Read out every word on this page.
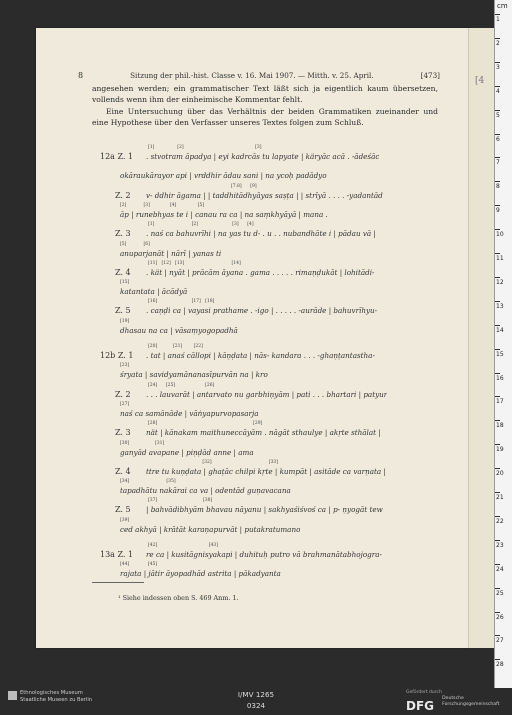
[4
8	Sitzung der phil.-hist. Classe v. 16. Mai 1907. — Mitth. v. 25. April.	[473]

angesehen werden; ein grammatischer Text läßt sich ja eigentlich kaum übersetzen, vollends wenn ihm der einheimische Kommentar fehlt.

Eine Untersuchung über das Verhältnis der beiden Grammatiken zueinander und eine Hypothese über den Verfasser unseres Textes folgen zum Schluß.

[1]                [2]                                                  [3]
12a Z. 1 . stvotram āpadya | eyi kadrcās tu lapyate | käryāc acā . -ādeśāc
okāraukārayor api | vrddhir ādau sani | na ycoḥ padādyo
[7.8]      [9]
Z. 2 v- ddhir āgama | | taddhitādhyāyas saṣṭa | | strīyā . . . . -yadantād
[2]            [3]              [4]               [5]
āp | runebhyas te i | canau ra ca | na saṃkhyāyā | mana .
[1]                          [2]                        [3]      [4]
Z. 3 . naś ca bahuvrīhi | na yas tu d- . u . . nubandhāte i | pādau vā |
[5]            [6]
anuparjanāt | nārī | yanas ti
[11]   [12]   [13]                                 [14]
Z. 4 . kät | nyāt | prācām āyana . gama . . . . . rimaṇḍukāt | lohitādi-
[15]
katantata | ācādyā
[16]                        [17]   [18]
Z. 5 . caṇḍi ca | vayasi prathame . -igo | . . . . . -aurāde | bahuvrīhyu-
[19]
dhasau na ca | vāsaṃyogopadhā
[20]           [21]        [22]
12b Z. 1 . tat | anaś cāllopi | kāṇḍata | nās- kandara . . . -ghaṇṭantastha-
[23]
śryata | savidyamānanasīpurvān na | kro
[24]      [25]                     [26]
Z. 2 . . . lauvarāt | antarvato nu garbhiṇyām | pati . . . bhartari | patyur
[27]
naś ca samānāde | vāṅyapurvopasarja
[28]                                                                   [29]
Z. 3 nät | kānakam maithuneccāyām . nāgāt sthaulye | akṛte sthālat |
[30]                  [31]
ganyād avapane | piṇḍād anne | ama
[32]                                        [33]
Z. 4 ttre tu kuṇḍata | ghaṭāc chilpi kṛte | kumpāt | asitāde ca varṇata |
[34]                          [35]
tapadhātu nakārai ca va | odentād guṇavacana
[37]                                [38]
Z. 5 | bahvādibhyām bhavau nāyanu | sakhyaśiśvoś ca | p- ṇyogāt tew
[39]
ced akhyā | krātāt karaṇapurvāt | putakratumano
[42]                                    [43]
13a Z. 1 re ca | kusitāgnisyakapi | duhituḥ putro vā brahmanātabhojogra-
[44]             [45]
rajata | jātir āyopadhād astrita | pākadyanta
¹ Siehe indessen oben S. 469 Anm. 1.
cm
1
2
3
4
5
6
7
8
9
10
11
12
13
14
15
16
17
18
19
20
21
22
23
24
25
26
27
28
Ethnologisches Museum
Staatliche Museen zu Berlin
I/MV 1265
0324
Gefördert durch
DFG Deutsche
Forschungsgemeinschaft
